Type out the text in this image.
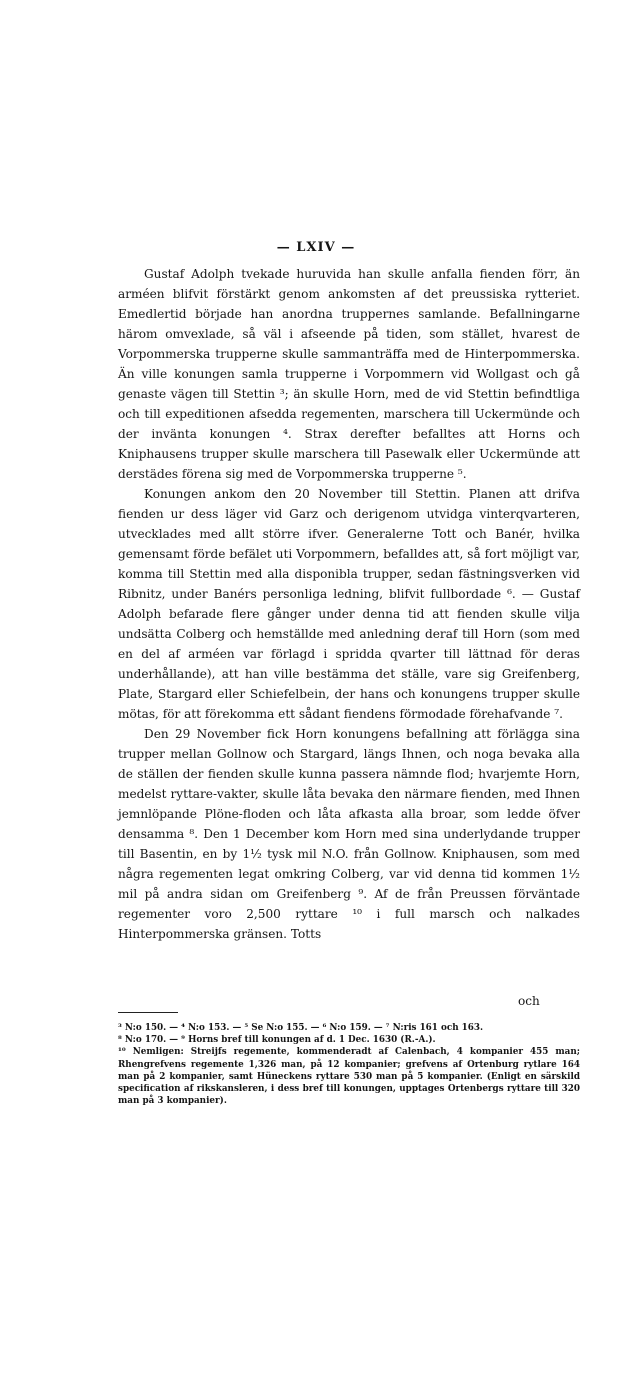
— LXIV —

Gustaf Adolph tvekade huruvida han skulle anfalla fienden förr, än arméen blifvit förstärkt genom ankomsten af det preussiska rytteriet. Emedlertid började han anordna truppernes samlande. Befallningarne härom omvexlade, så väl i afseende på tiden, som stället, hvarest de Vorpommerska trupperne skulle sammanträffa med de Hinterpommerska. Än ville konungen samla trupperne i Vorpommern vid Wollgast och gå genaste vägen till Stettin ³; än skulle Horn, med de vid Stettin befindtliga och till expeditionen afsedda regementen, marschera till Uckermünde och der invänta konungen ⁴. Strax derefter befalltes att Horns och Kniphausens trupper skulle marschera till Pasewalk eller Uckermünde att derstädes förena sig med de Vorpommerska trupperne ⁵.

Konungen ankom den 20 November till Stettin. Planen att drifva fienden ur dess läger vid Garz och derigenom utvidga vinterqvarteren, utvecklades med allt större ifver. Generalerne Tott och Banér, hvilka gemensamt förde befälet uti Vorpommern, befalldes att, så fort möjligt var, komma till Stettin med alla disponibla trupper, sedan fästningsverken vid Ribnitz, under Banérs personliga ledning, blifvit fullbordade ⁶. — Gustaf Adolph befarade flere gånger under denna tid att fienden skulle vilja undsätta Colberg och hemställde med anledning deraf till Horn (som med en del af arméen var förlagd i spridda qvarter till lättnad för deras underhållande), att han ville bestämma det ställe, vare sig Greifenberg, Plate, Stargard eller Schiefelbein, der hans och konungens trupper skulle mötas, för att förekomma ett sådant fiendens förmodade förehafvande ⁷.

Den 29 November fick Horn konungens befallning att förlägga sina trupper mellan Gollnow och Stargard, längs Ihnen, och noga bevaka alla de ställen der fienden skulle kunna passera nämnde flod; hvarjemte Horn, medelst ryttare-vakter, skulle låta bevaka den närmare fienden, med Ihnen jemnlöpande Plöne-floden och låta afkasta alla broar, som ledde öfver densamma ⁸. Den 1 December kom Horn med sina underlydande trupper till Basentin, en by 1½ tysk mil N.O. från Gollnow. Kniphausen, som med några regementen legat omkring Colberg, var vid denna tid kommen 1½ mil på andra sidan om Greifenberg ⁹. Af de från Preussen förväntade regementer voro 2,500 ryttare ¹⁰ i full marsch och nalkades Hinterpommerska gränsen. Totts

och
³ N:o 150. — ⁴ N:o 153. — ⁵ Se N:o 155. — ⁶ N:o 159. — ⁷ N:ris 161 och 163.
⁸ N:o 170. — ⁹ Horns bref till konungen af d. 1 Dec. 1630 (R.-A.).
¹⁰ Nemligen: Streijfs regemente, kommenderadt af Calenbach, 4 kompanier 455 man; Rhengrefvens regemente 1,326 man, på 12 kompanier; grefvens af Ortenburg rytlare 164 man på 2 kompanier, samt Hüneckens ryttare 530 man på 5 kompanier. (Enligt en särskild specification af rikskansleren, i dess bref till konungen, upptages Ortenbergs ryttare till 320 man på 3 kompanier).
